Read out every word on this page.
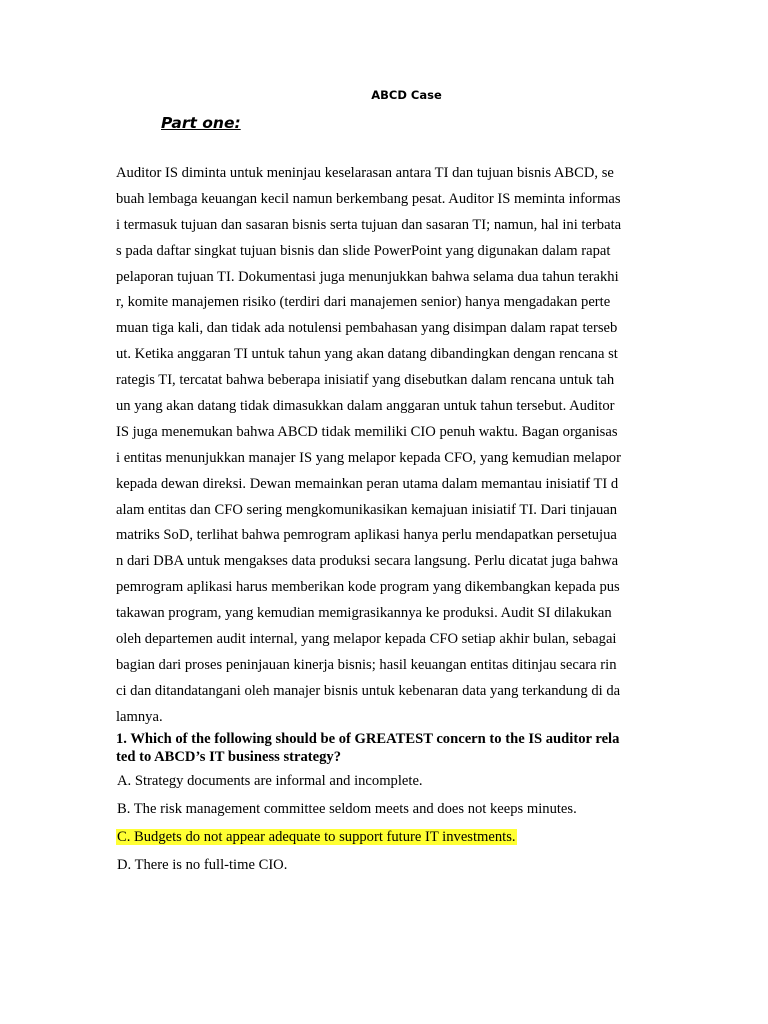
ABCD Case
Part one:
Auditor IS diminta untuk meninjau keselarasan antara TI dan tujuan bisnis ABCD, se
buah lembaga keuangan kecil namun berkembang pesat. Auditor IS meminta informas
i termasuk tujuan dan sasaran bisnis serta tujuan dan sasaran TI; namun, hal ini terbata
s pada daftar singkat tujuan bisnis dan slide PowerPoint yang digunakan dalam rapat
pelaporan tujuan TI. Dokumentasi juga menunjukkan bahwa selama dua tahun terakhi
r, komite manajemen risiko (terdiri dari manajemen senior) hanya mengadakan perte
muan tiga kali, dan tidak ada notulensi pembahasan yang disimpan dalam rapat terseb
ut. Ketika anggaran TI untuk tahun yang akan datang dibandingkan dengan rencana st
rategis TI, tercatat bahwa beberapa inisiatif yang disebutkan dalam rencana untuk tah
un yang akan datang tidak dimasukkan dalam anggaran untuk tahun tersebut. Auditor
IS juga menemukan bahwa ABCD tidak memiliki CIO penuh waktu. Bagan organisas
i entitas menunjukkan manajer IS yang melapor kepada CFO, yang kemudian melapor
kepada dewan direksi. Dewan memainkan peran utama dalam memantau inisiatif TI d
alam entitas dan CFO sering mengkomunikasikan kemajuan inisiatif TI. Dari tinjauan
matriks SoD, terlihat bahwa pemrogram aplikasi hanya perlu mendapatkan persetujua
n dari DBA untuk mengakses data produksi secara langsung. Perlu dicatat juga bahwa
pemrogram aplikasi harus memberikan kode program yang dikembangkan kepada pus
takawan program, yang kemudian memigrasikannya ke produksi. Audit SI dilakukan
oleh departemen audit internal, yang melapor kepada CFO setiap akhir bulan, sebagai
bagian dari proses peninjauan kinerja bisnis; hasil keuangan entitas ditinjau secara rin
ci dan ditandatangani oleh manajer bisnis untuk kebenaran data yang terkandung di da
lamnya.
1. Which of the following should be of GREATEST concern to the IS auditor rela
ted to ABCD’s IT business strategy?

A. Strategy documents are informal and incomplete.

B. The risk management committee seldom meets and does not keeps minutes.

C. Budgets do not appear adequate to support future IT investments.

D. There is no full-time CIO.
